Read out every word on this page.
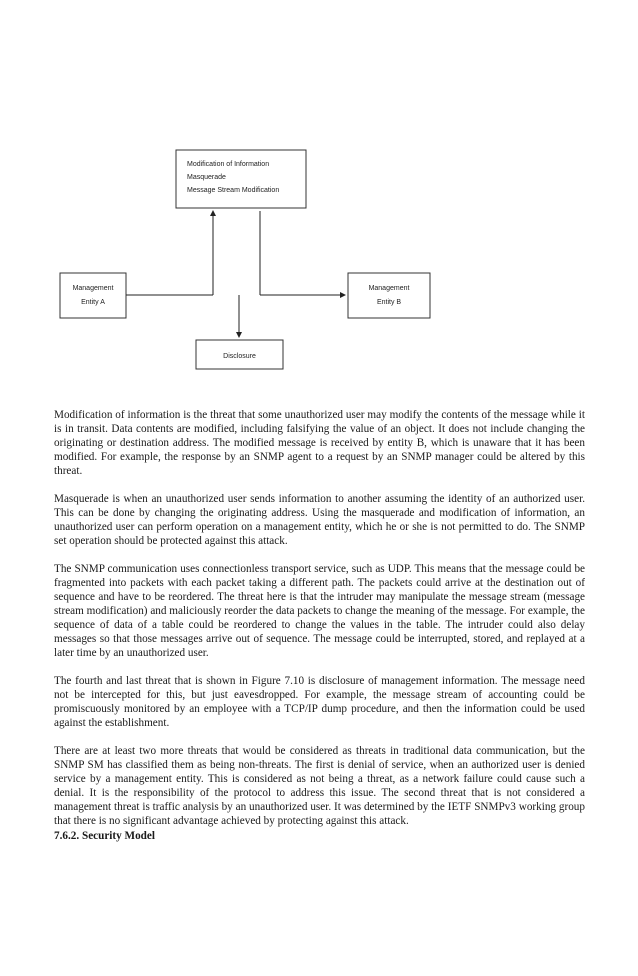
Modification of Information
Masquerade
Message Stream Modification
Management
Entity A
Management
Entity B
Disclosure

Modification of information is the threat that some unauthorized user may modify the contents of the message while it is in transit. Data contents are modified, including falsifying the value of an object. It does not include changing the originating or destination address. The modified message is received by entity B, which is unaware that it has been modified. For example, the response by an SNMP agent to a request by an SNMP manager could be altered by this threat.

Masquerade is when an unauthorized user sends information to another assuming the identity of an authorized user. This can be done by changing the originating address. Using the masquerade and modification of information, an unauthorized user can perform operation on a management entity, which he or she is not permitted to do. The SNMP set operation should be protected against this attack.

The SNMP communication uses connectionless transport service, such as UDP. This means that the message could be fragmented into packets with each packet taking a different path. The packets could arrive at the destination out of sequence and have to be reordered. The threat here is that the intruder may manipulate the message stream (message stream modification) and maliciously reorder the data packets to change the meaning of the message. For example, the sequence of data of a table could be reordered to change the values in the table. The intruder could also delay messages so that those messages arrive out of sequence. The message could be interrupted, stored, and replayed at a later time by an unauthorized user.

The fourth and last threat that is shown in Figure 7.10 is disclosure of management information. The message need not be intercepted for this, but just eavesdropped. For example, the message stream of accounting could be promiscuously monitored by an employee with a TCP/IP dump procedure, and then the information could be used against the establishment.

There are at least two more threats that would be considered as threats in traditional data communication, but the SNMP SM has classified them as being non-threats. The first is denial of service, when an authorized user is denied service by a management entity. This is considered as not being a threat, as a network failure could cause such a denial. It is the responsibility of the protocol to address this issue. The second threat that is not considered a management threat is traffic analysis by an unauthorized user. It was determined by the IETF SNMPv3 working group that there is no significant advantage achieved by protecting against this attack.

7.6.2. Security Model
